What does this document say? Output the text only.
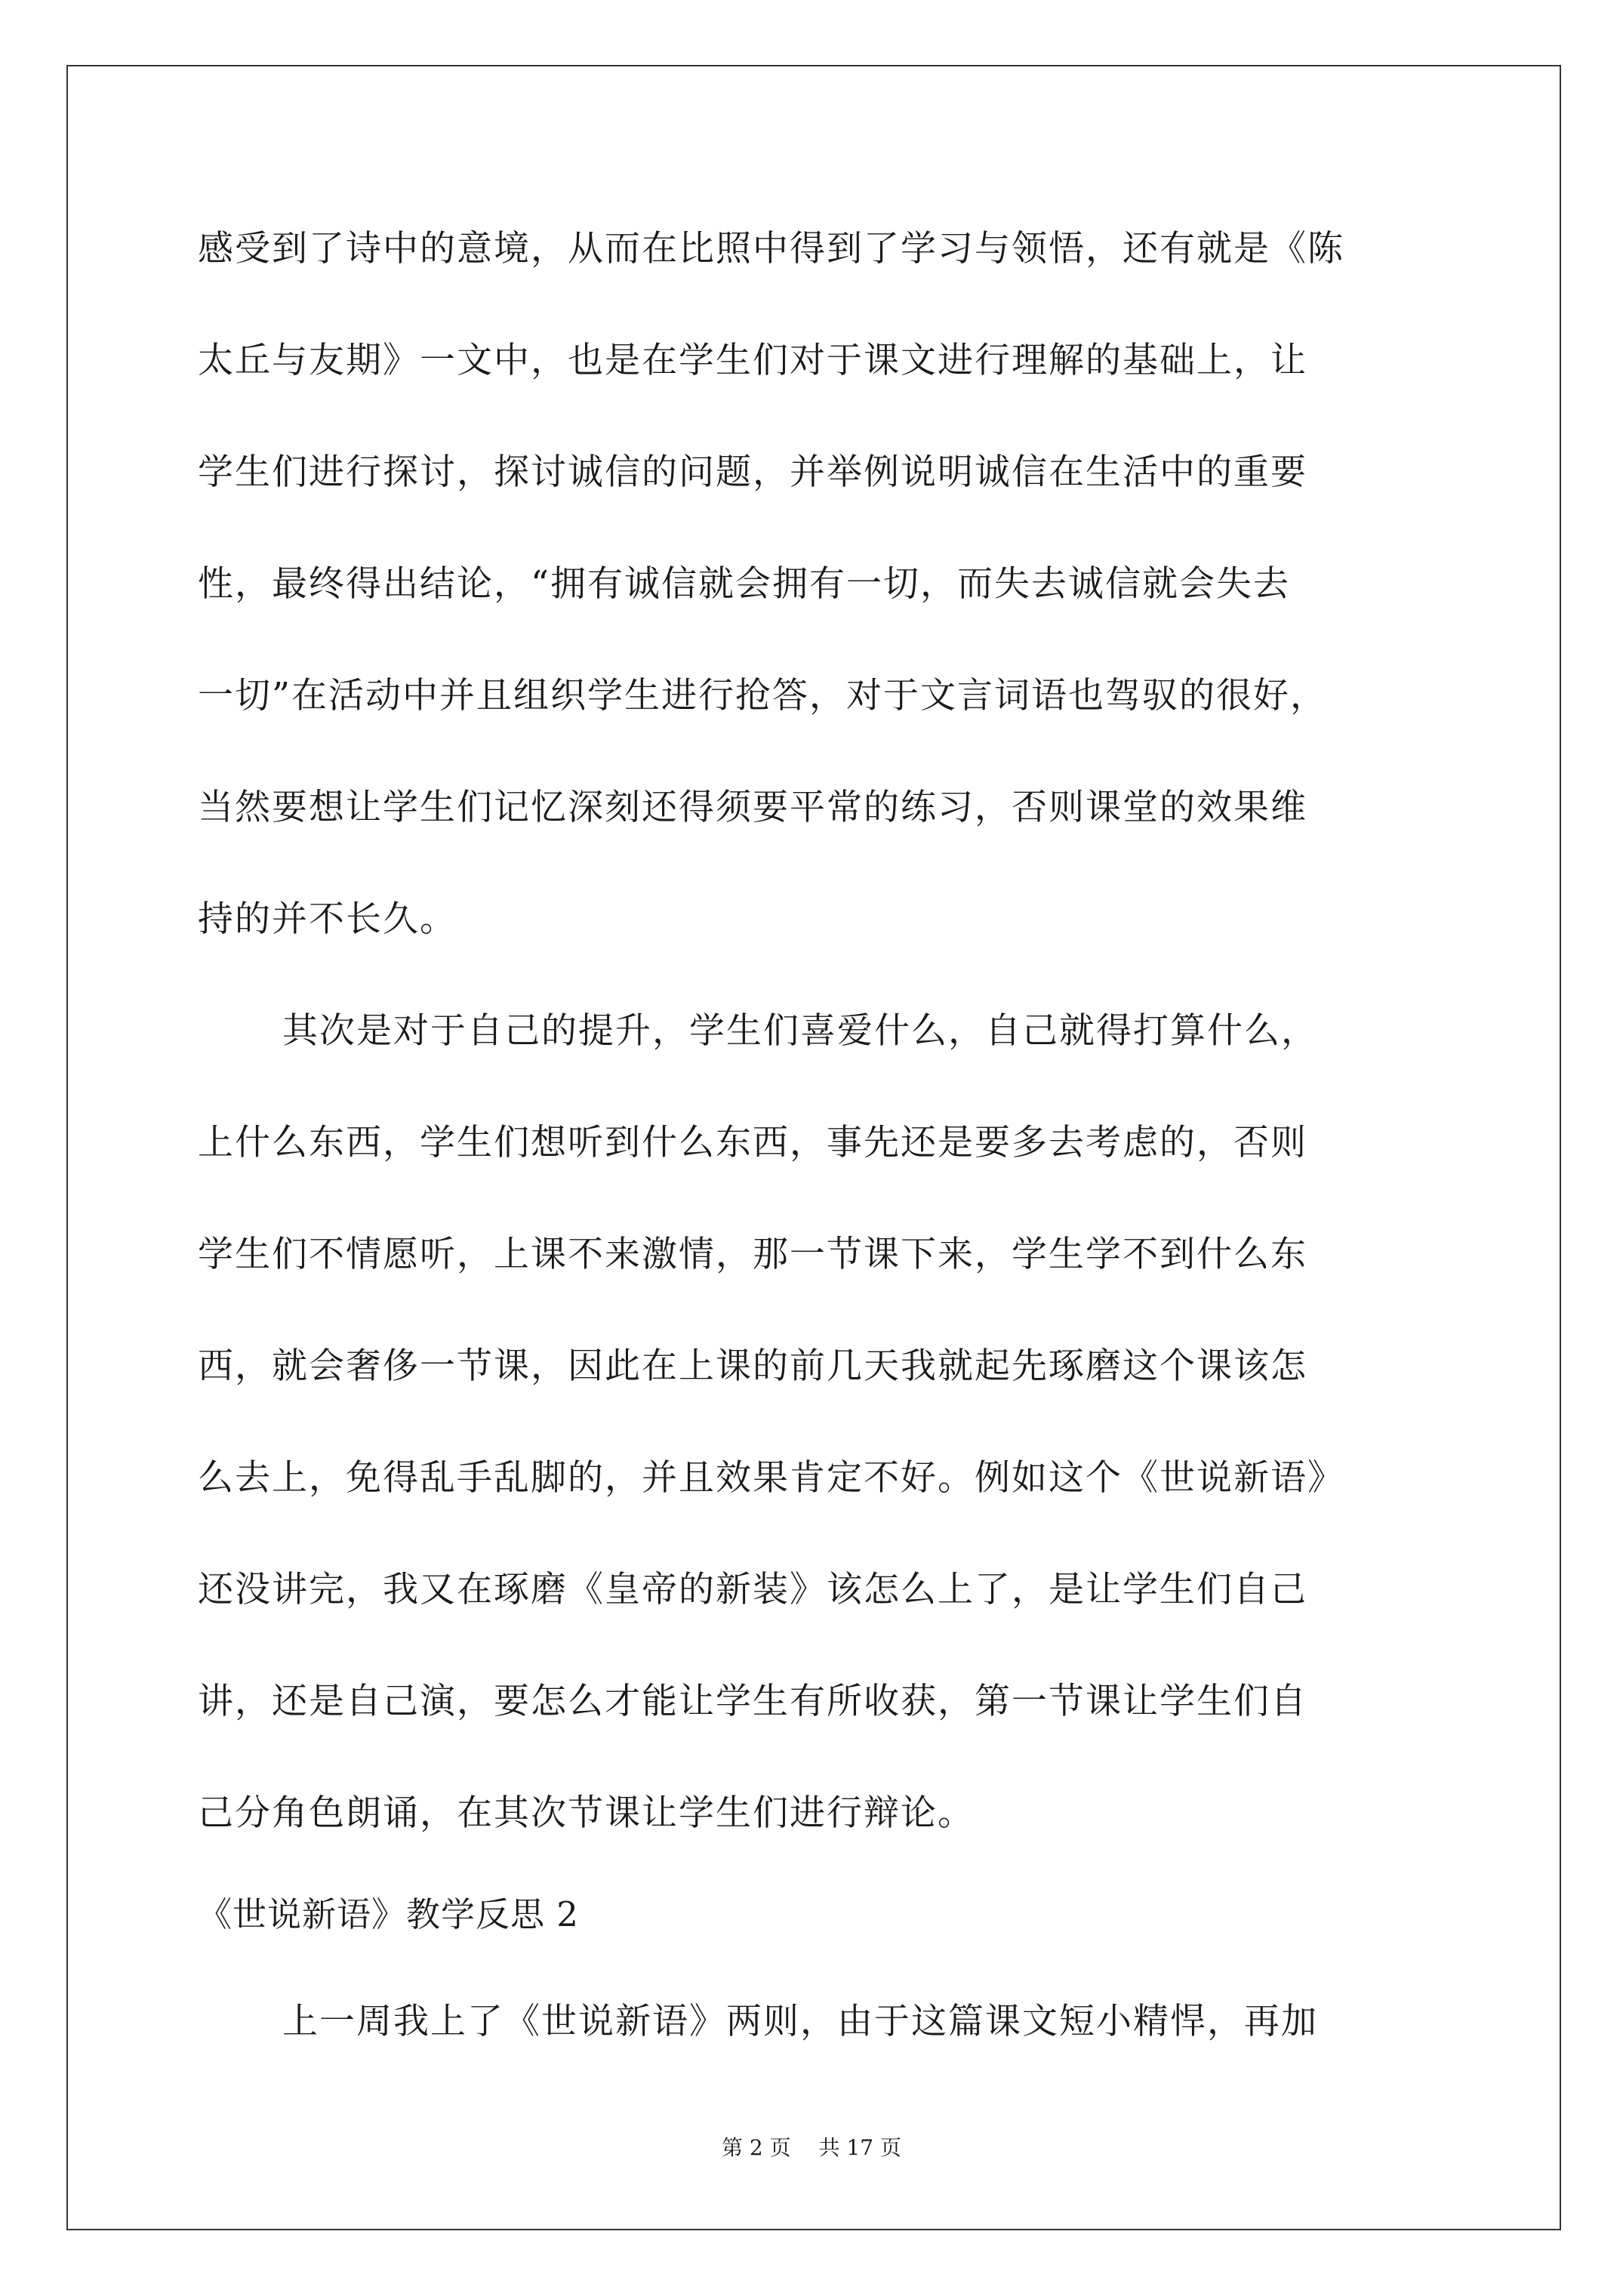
感受到了诗中的意境，从而在比照中得到了学习与领悟，还有就是《陈
太丘与友期》一文中，也是在学生们对于课文进行理解的基础上，让
学生们进行探讨，探讨诚信的问题，并举例说明诚信在生活中的重要
性，最终得出结论，“拥有诚信就会拥有一切，而失去诚信就会失去
一切”在活动中并且组织学生进行抢答，对于文言词语也驾驭的很好，
当然要想让学生们记忆深刻还得须要平常的练习，否则课堂的效果维
持的并不长久。
其次是对于自己的提升，学生们喜爱什么，自己就得打算什么，
上什么东西，学生们想听到什么东西，事先还是要多去考虑的，否则
学生们不情愿听，上课不来激情，那一节课下来，学生学不到什么东
西，就会奢侈一节课，因此在上课的前几天我就起先琢磨这个课该怎
么去上，免得乱手乱脚的，并且效果肯定不好。例如这个《世说新语》
还没讲完，我又在琢磨《皇帝的新装》该怎么上了，是让学生们自己
讲，还是自己演，要怎么才能让学生有所收获，第一节课让学生们自
己分角色朗诵，在其次节课让学生们进行辩论。
《世说新语》教学反思 2
上一周我上了《世说新语》两则，由于这篇课文短小精悍，再加
第 2 页 共 17 页
